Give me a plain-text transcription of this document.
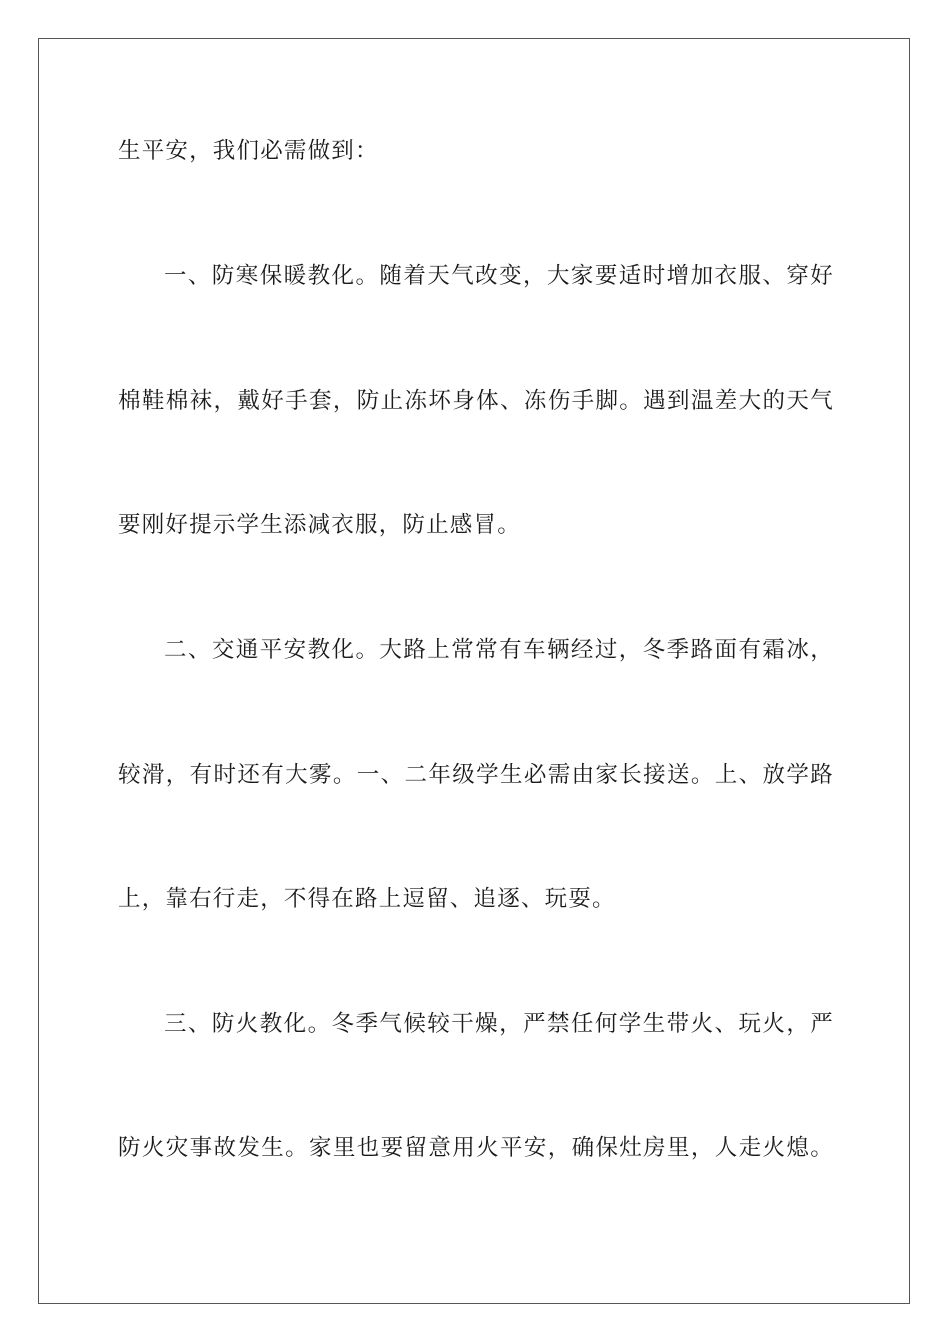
生平安，我们必需做到：
一、防寒保暖教化。随着天气改变，大家要适时增加衣服、穿好
棉鞋棉袜，戴好手套，防止冻坏身体、冻伤手脚。遇到温差大的天气
要刚好提示学生添减衣服，防止感冒。
二、交通平安教化。大路上常常有车辆经过，冬季路面有霜冰，
较滑，有时还有大雾。一、二年级学生必需由家长接送。上、放学路
上，靠右行走，不得在路上逗留、追逐、玩耍。
三、防火教化。冬季气候较干燥，严禁任何学生带火、玩火，严
防火灾事故发生。家里也要留意用火平安，确保灶房里，人走火熄。
